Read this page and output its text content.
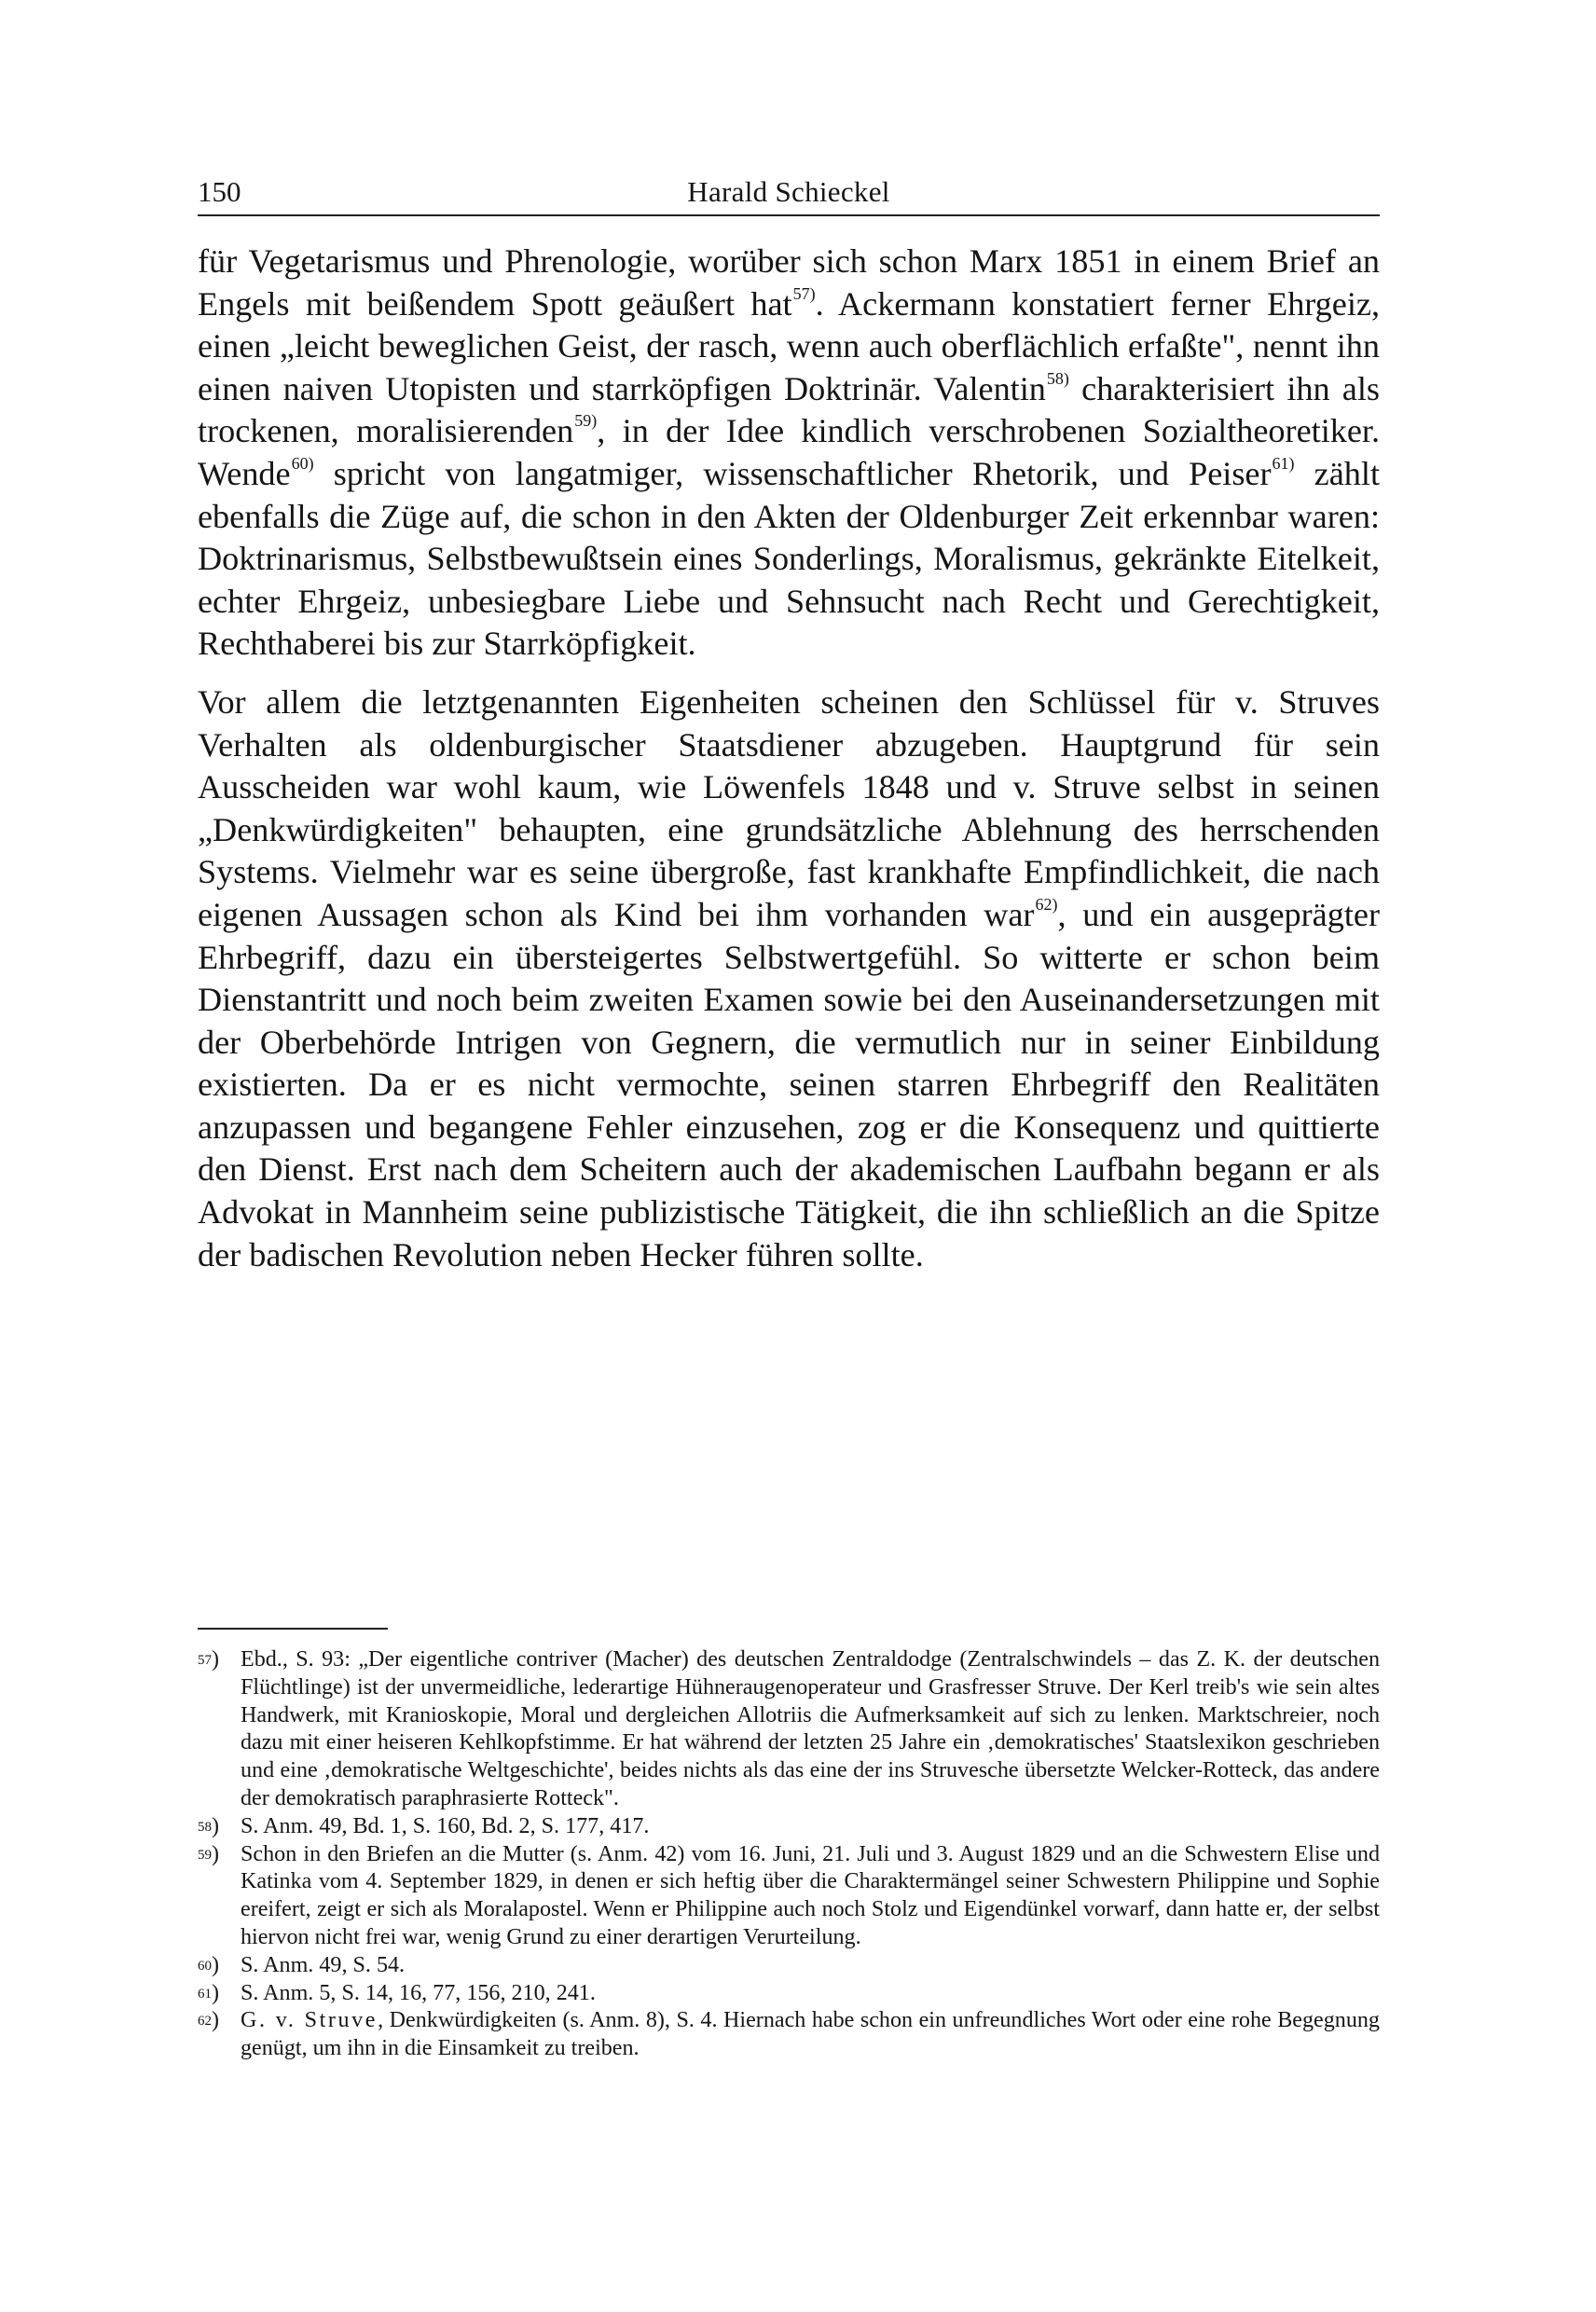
150	Harald Schieckel

für Vegetarismus und Phrenologie, worüber sich schon Marx 1851 in einem Brief an Engels mit beißendem Spott geäußert hat$^{57)}$. Ackermann konstatiert ferner Ehrgeiz, einen „leicht beweglichen Geist, der rasch, wenn auch oberflächlich erfaßte", nennt ihn einen naiven Utopisten und starrköpfigen Doktrinär. Valentin$^{58)}$ charakterisiert ihn als trockenen, moralisierenden$^{59)}$, in der Idee kindlich verschrobenen Sozialtheoretiker. Wende$^{60)}$ spricht von langatmiger, wissenschaftlicher Rhetorik, und Peiser$^{61)}$ zählt ebenfalls die Züge auf, die schon in den Akten der Oldenburger Zeit erkennbar waren: Doktrinarismus, Selbstbewußtsein eines Sonderlings, Moralismus, gekränkte Eitelkeit, echter Ehrgeiz, unbesiegbare Liebe und Sehnsucht nach Recht und Gerechtigkeit, Rechthaberei bis zur Starrköpfigkeit.

Vor allem die letztgenannten Eigenheiten scheinen den Schlüssel für v. Struves Verhalten als oldenburgischer Staatsdiener abzugeben. Hauptgrund für sein Ausscheiden war wohl kaum, wie Löwenfels 1848 und v. Struve selbst in seinen „Denkwürdigkeiten" behaupten, eine grundsätzliche Ablehnung des herrschenden Systems. Vielmehr war es seine übergroße, fast krankhafte Empfindlichkeit, die nach eigenen Aussagen schon als Kind bei ihm vorhanden war$^{62)}$, und ein ausgeprägter Ehrbegriff, dazu ein übersteigertes Selbstwertgefühl. So witterte er schon beim Dienstantritt und noch beim zweiten Examen sowie bei den Auseinandersetzungen mit der Oberbehörde Intrigen von Gegnern, die vermutlich nur in seiner Einbildung existierten. Da er es nicht vermochte, seinen starren Ehrbegriff den Realitäten anzupassen und begangene Fehler einzusehen, zog er die Konsequenz und quittierte den Dienst. Erst nach dem Scheitern auch der akademischen Laufbahn begann er als Advokat in Mannheim seine publizistische Tätigkeit, die ihn schließlich an die Spitze der badischen Revolution neben Hecker führen sollte.

$^{57}$) Ebd., S. 93: „Der eigentliche contriver (Macher) des deutschen Zentraldodge (Zentralschwindels – das Z. K. der deutschen Flüchtlinge) ist der unvermeidliche, lederartige Hühneraugenoperateur und Grasfresser Struve. Der Kerl treib's wie sein altes Handwerk, mit Kranioskopie, Moral und dergleichen Allotriis die Aufmerksamkeit auf sich zu lenken. Marktschreier, noch dazu mit einer heiseren Kehlkopfstimme. Er hat während der letzten 25 Jahre ein ‚demokratisches' Staatslexikon geschrieben und eine ‚demokratische Weltgeschichte', beides nichts als das eine der ins Struvesche übersetzte Welcker-Rotteck, das andere der demokratisch paraphrasierte Rotteck".

$^{58}$) S. Anm. 49, Bd. 1, S. 160, Bd. 2, S. 177, 417.

$^{59}$) Schon in den Briefen an die Mutter (s. Anm. 42) vom 16. Juni, 21. Juli und 3. August 1829 und an die Schwestern Elise und Katinka vom 4. September 1829, in denen er sich heftig über die Charaktermängel seiner Schwestern Philippine und Sophie ereifert, zeigt er sich als Moralapostel. Wenn er Philippine auch noch Stolz und Eigendünkel vorwarf, dann hatte er, der selbst hiervon nicht frei war, wenig Grund zu einer derartigen Verurteilung.

$^{60}$) S. Anm. 49, S. 54.

$^{61}$) S. Anm. 5, S. 14, 16, 77, 156, 210, 241.

$^{62}$) G. v. Struve, Denkwürdigkeiten (s. Anm. 8), S. 4. Hiernach habe schon ein unfreundliches Wort oder eine rohe Begegnung genügt, um ihn in die Einsamkeit zu treiben.
